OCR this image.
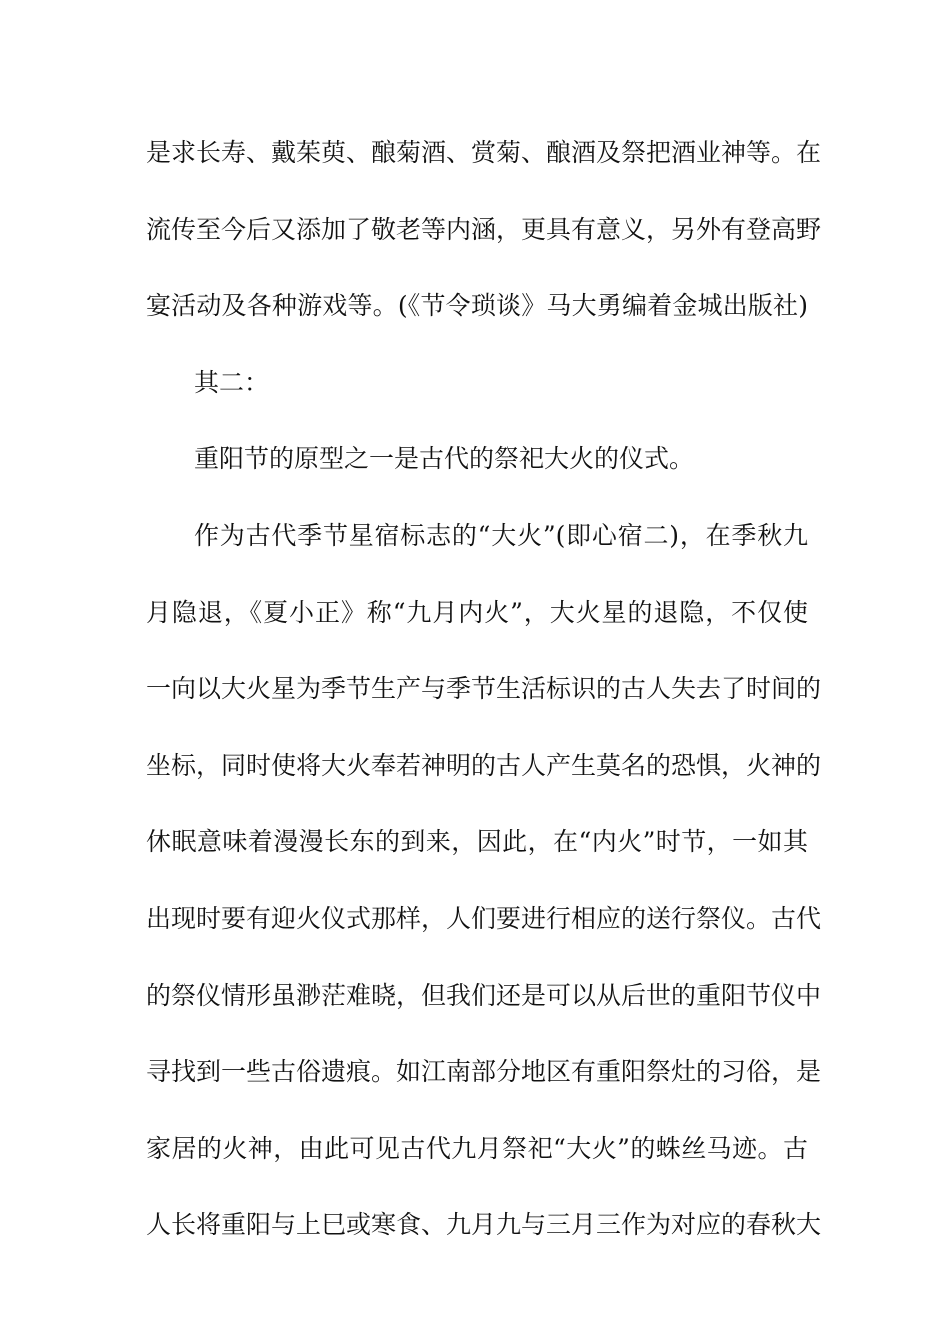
是求长寿、戴茱萸、酿菊酒、赏菊、酿酒及祭把酒业神等。在
流传至今后又添加了敬老等内涵，更具有意义，另外有登高野
宴活动及各种游戏等。(《节令琐谈》马大勇编着金城出版社)
其二：
重阳节的原型之一是古代的祭祀大火的仪式。
作为古代季节星宿标志的“大火”(即心宿二)，在季秋九
月隐退，《夏小正》称“九月内火”，大火星的退隐，不仅使
一向以大火星为季节生产与季节生活标识的古人失去了时间的
坐标，同时使将大火奉若神明的古人产生莫名的恐惧，火神的
休眠意味着漫漫长东的到来，因此，在“内火”时节，一如其
出现时要有迎火仪式那样，人们要进行相应的送行祭仪。古代
的祭仪情形虽渺茫难晓，但我们还是可以从后世的重阳节仪中
寻找到一些古俗遗痕。如江南部分地区有重阳祭灶的习俗，是
家居的火神，由此可见古代九月祭祀“大火”的蛛丝马迹。古
人长将重阳与上巳或寒食、九月九与三月三作为对应的春秋大
